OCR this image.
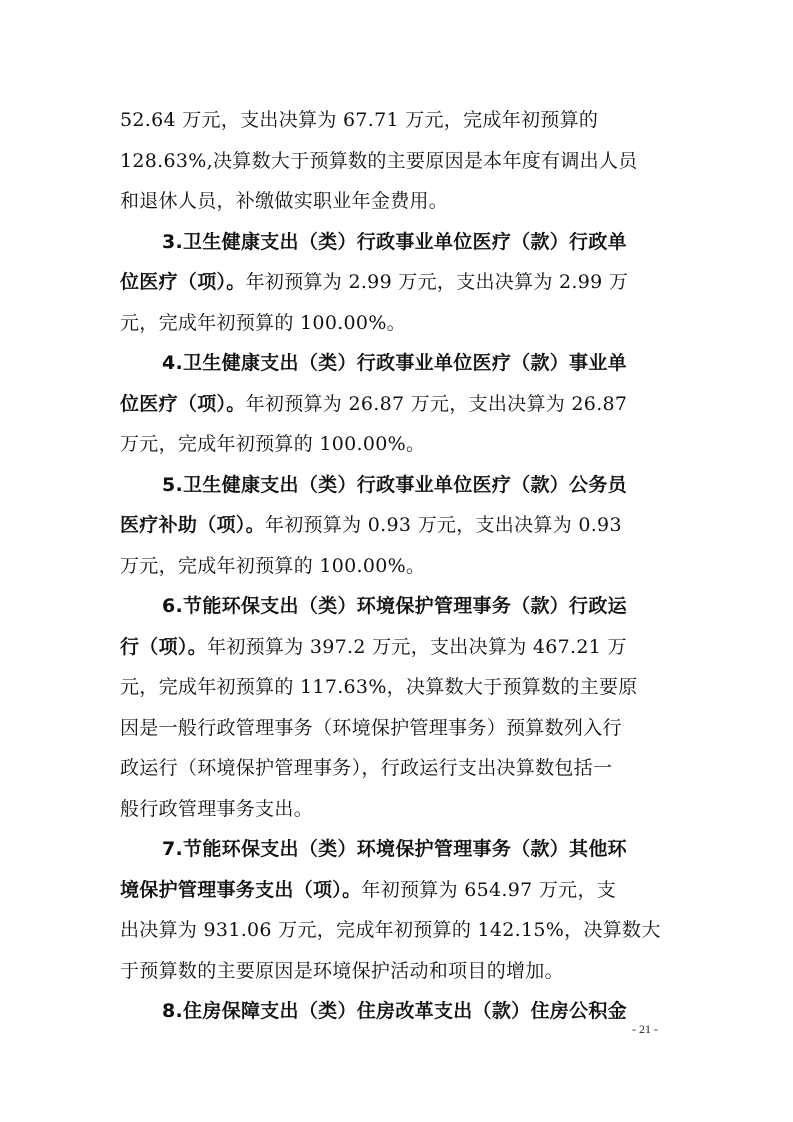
52.64 万元，支出决算为 67.71 万元，完成年初预算的
128.63%,决算数大于预算数的主要原因是本年度有调出人员
和退休人员，补缴做实职业年金费用。
3.卫生健康支出（类）行政事业单位医疗（款）行政单
位医疗（项）。年初预算为 2.99 万元，支出决算为 2.99 万
元，完成年初预算的 100.00%。
4.卫生健康支出（类）行政事业单位医疗（款）事业单
位医疗（项）。年初预算为 26.87 万元，支出决算为 26.87
万元，完成年初预算的 100.00%。
5.卫生健康支出（类）行政事业单位医疗（款）公务员
医疗补助（项）。年初预算为 0.93 万元，支出决算为 0.93
万元，完成年初预算的 100.00%。
6.节能环保支出（类）环境保护管理事务（款）行政运
行（项）。年初预算为 397.2 万元，支出决算为 467.21 万
元，完成年初预算的 117.63%，决算数大于预算数的主要原
因是一般行政管理事务（环境保护管理事务）预算数列入行
政运行（环境保护管理事务），行政运行支出决算数包括一
般行政管理事务支出。
7.节能环保支出（类）环境保护管理事务（款）其他环
境保护管理事务支出（项）。年初预算为 654.97 万元，支
出决算为 931.06 万元，完成年初预算的 142.15%，决算数大
于预算数的主要原因是环境保护活动和项目的增加。
8.住房保障支出（类）住房改革支出（款）住房公积金
- 21 -
